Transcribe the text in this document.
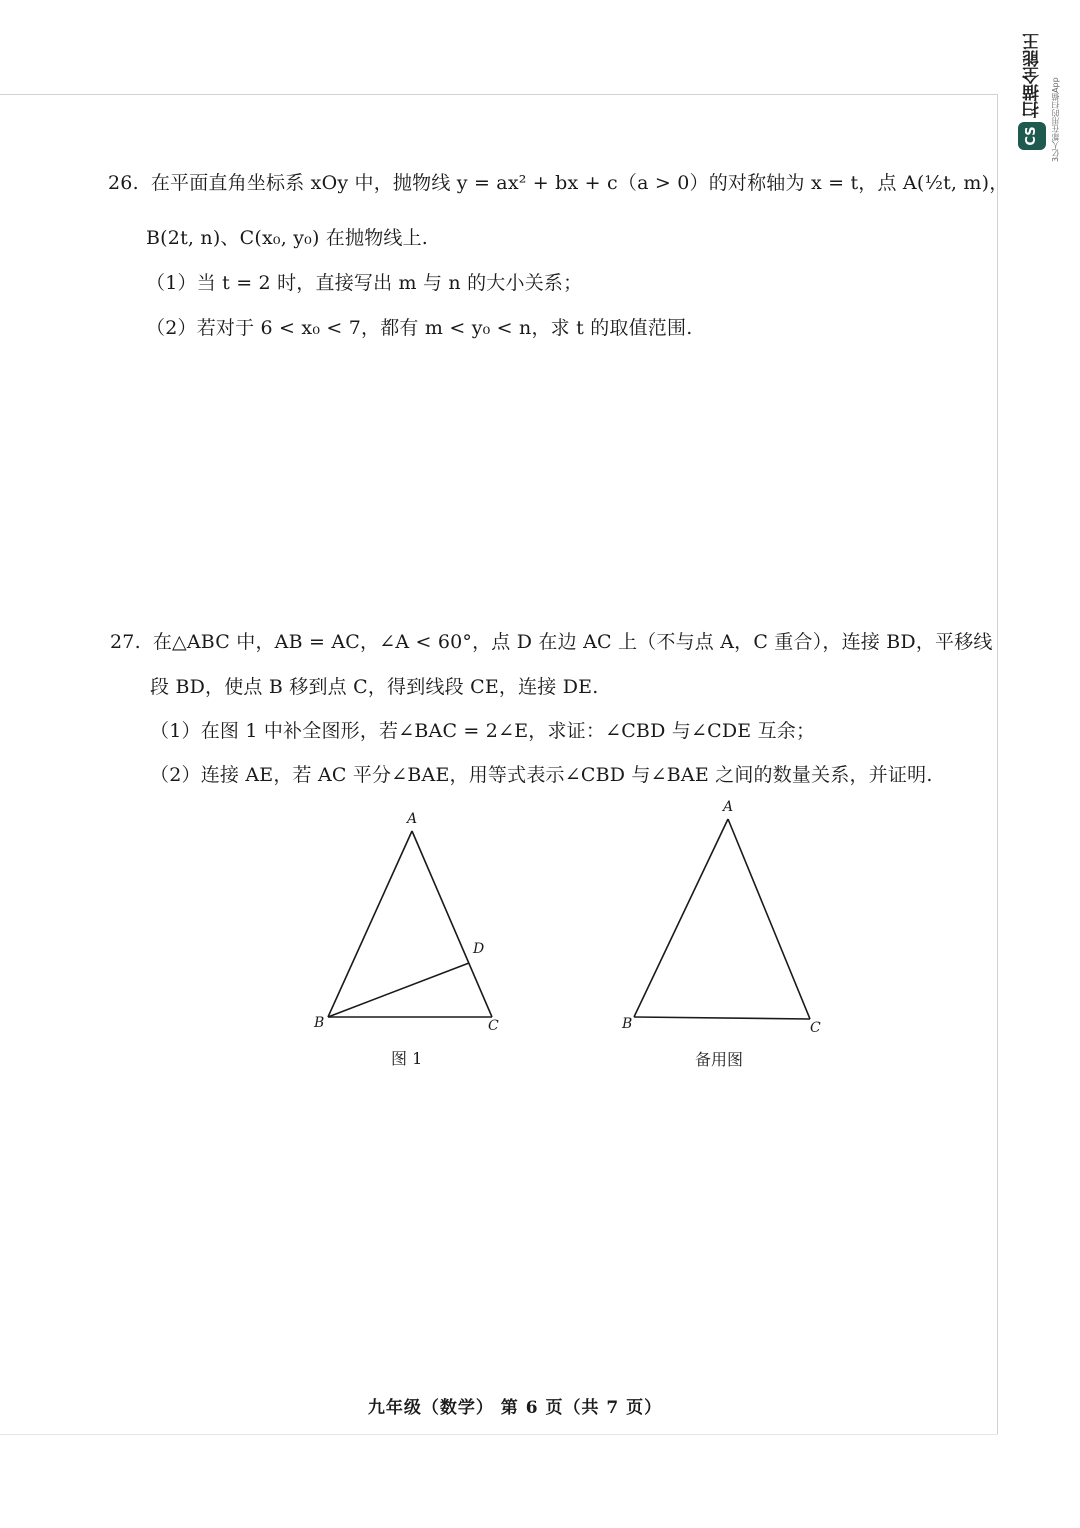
扫描全能王
3亿人都在用的扫描App
CS
26. 在平面直角坐标系 xOy 中，抛物线 y = ax² + bx + c（a > 0）的对称轴为 x = t，点 A(½t, m)，
B(2t, n)、C(x₀, y₀) 在抛物线上.
（1）当 t = 2 时，直接写出 m 与 n 的大小关系；
（2）若对于 6 < x₀ < 7，都有 m < y₀ < n，求 t 的取值范围.
27. 在△ABC 中，AB = AC，∠A < 60°，点 D 在边 AC 上（不与点 A，C 重合），连接 BD，平移线
段 BD，使点 B 移到点 C，得到线段 CE，连接 DE.
（1）在图 1 中补全图形，若∠BAC = 2∠E，求证：∠CBD 与∠CDE 互余；
（2）连接 AE，若 AC 平分∠BAE，用等式表示∠CBD 与∠BAE 之间的数量关系，并证明.
A
B	C
D
图 1
A
B	C
备用图
九年级（数学） 第 6 页（共 7 页）
